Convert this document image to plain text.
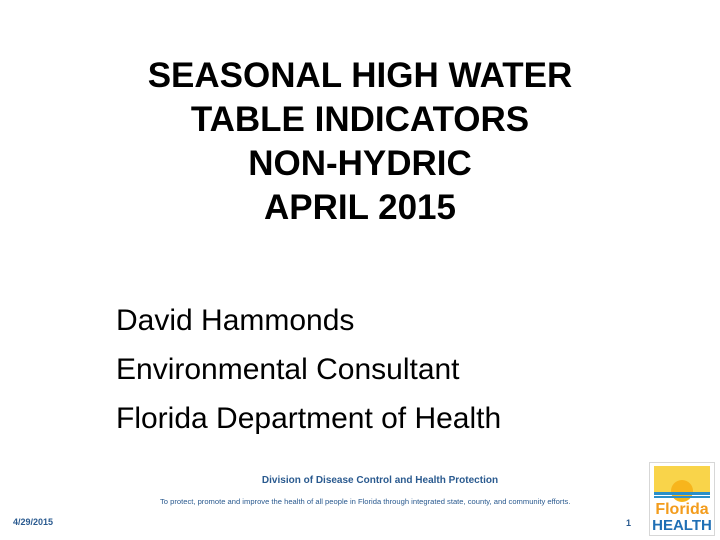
SEASONAL HIGH WATER
TABLE INDICATORS
NON-HYDRIC
APRIL 2015
David Hammonds
Environmental Consultant
Florida Department of Health
Division of Disease Control and Health Protection
To protect, promote and improve the health of all people in Florida through integrated state, county, and community efforts.
4/29/2015	1
Florida
HEALTH
